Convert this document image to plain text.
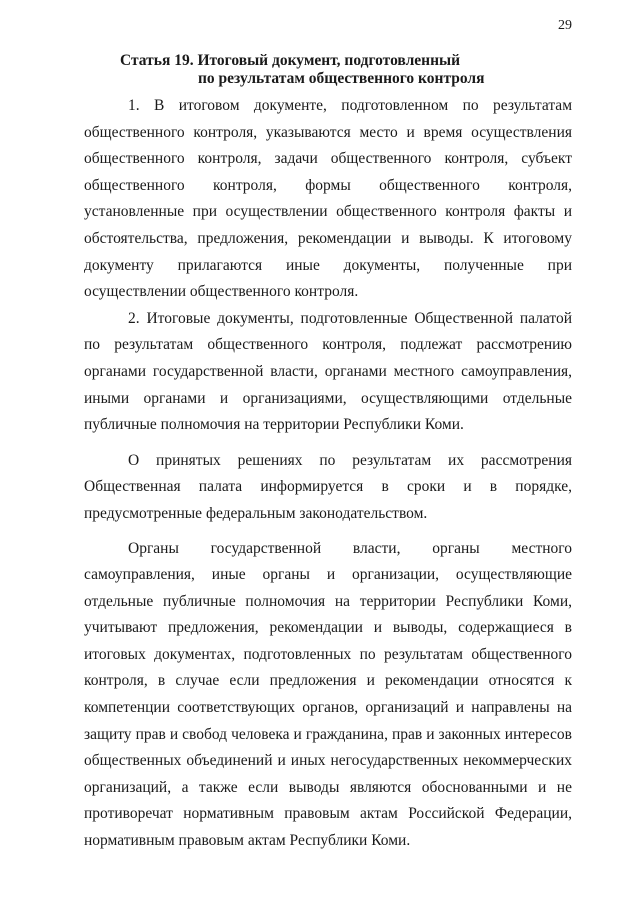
29
Статья 19. Итоговый документ, подготовленный
по результатам общественного контроля

1. В итоговом документе, подготовленном по результатам общественного контроля, указываются место и время осуществления общественного контроля, задачи общественного контроля, субъект общественного контроля, формы общественного контроля, установленные при осуществлении общественного контроля факты и обстоятельства, предложения, рекомендации и выводы. К итоговому документу прилагаются иные документы, полученные при осуществлении общественного контроля.

2. Итоговые документы, подготовленные Общественной палатой по результатам общественного контроля, подлежат рассмотрению органами государственной власти, органами местного самоуправления, иными органами и организациями, осуществляющими отдельные публичные полномочия на территории Республики Коми.

О принятых решениях по результатам их рассмотрения Общественная палата информируется в сроки и в порядке, предусмотренные федеральным законодательством.

Органы государственной власти, органы местного самоуправления, иные органы и организации, осуществляющие отдельные публичные полномочия на территории Республики Коми, учитывают предложения, рекомендации и выводы, содержащиеся в итоговых документах, подготовленных по результатам общественного контроля, в случае если предложения и рекомендации относятся к компетенции соответствующих органов, организаций и направлены на защиту прав и свобод человека и гражданина, прав и законных интересов общественных объединений и иных негосударственных некоммерческих организаций, а также если выводы являются обоснованными и не противоречат нормативным правовым актам Российской Федерации, нормативным правовым актам Республики Коми.
